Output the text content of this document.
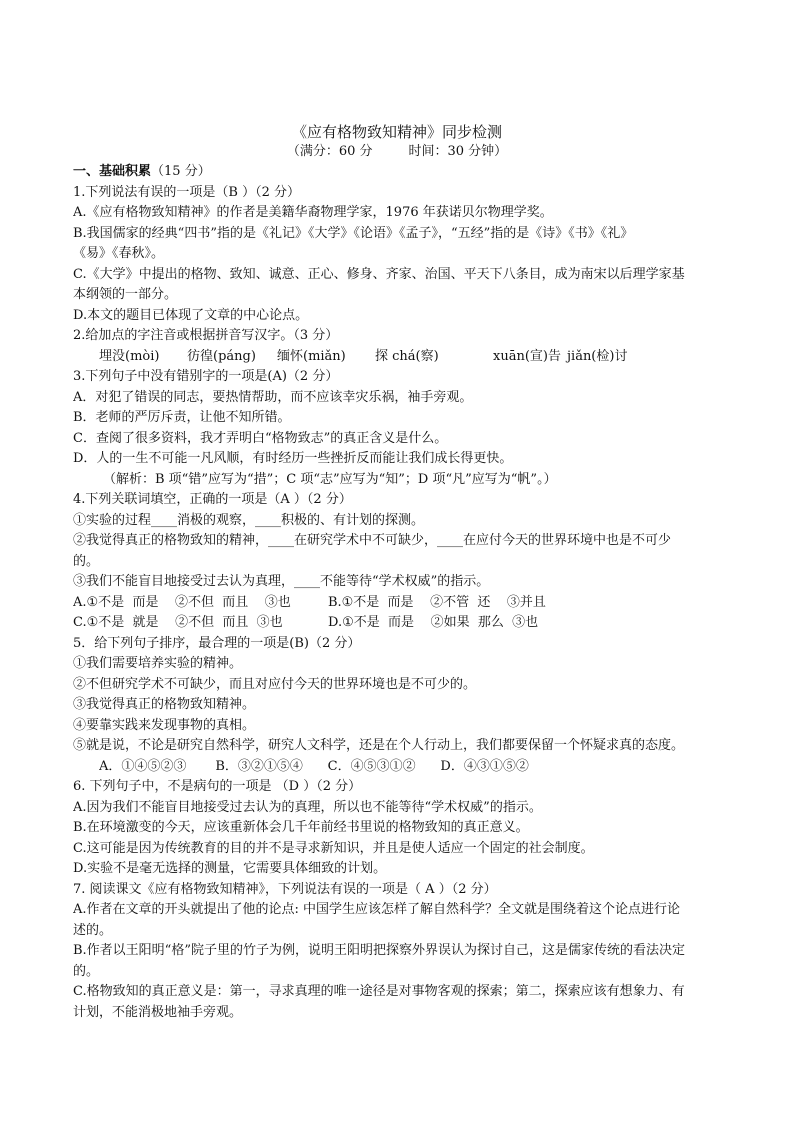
《应有格物致知精神》同步检测
（满分：60 分	时间：30 分钟）
一、基础积累（15 分）
1.下列说法有误的一项是（B ）（2 分）
A.《应有格物致知精神》的作者是美籍华裔物理学家，1976 年获诺贝尔物理学奖。
B.我国儒家的经典“四书”指的是《礼记》《大学》《论语》《孟子》，“五经”指的是《诗》《书》《礼》
《易》《春秋》。
C.《大学》中提出的格物、致知、诚意、正心、修身、齐家、治国、平天下八条目，成为南宋以后理学家基
本纲领的一部分。
D.本文的题目已体现了文章的中心论点。
2.给加点的字注音或根据拼音写汉字。（3 分）
埋没(mòi) 彷徨(páng) 缅怀(miǎn) 探 chá(察)	xuān(宣)告 jiǎn(检)讨
3.下列句子中没有错别字的一项是(A)（2 分）
A．对犯了错误的同志，要热情帮助，而不应该幸灾乐祸，袖手旁观。
B．老师的严厉斥责，让他不知所错。
C．查阅了很多资料，我才弄明白“格物致志”的真正含义是什么。
D．人的一生不可能一凡风顺，有时经历一些挫折反而能让我们成长得更快。
（解析：B 项“错”应写为“措”；C 项“志”应写为“知”；D 项“凡”应写为“帆”。）
4.下列关联词填空，正确的一项是（A ）（2 分）
①实验的过程____消极的观察，____积极的、有计划的探测。
②我觉得真正的格物致知的精神，____在研究学术中不可缺少，____在应付今天的世界环境中也是不可少
的。
③我们不能盲目地接受过去认为真理，____不能等待“学术权威”的指示。
A.①不是  而是    ②不但  而且    ③也         B.①不是  而是    ②不管  还    ③并且
C.①不是  就是    ②不但  而且  ③也           D.①不是  而是    ②如果  那么  ③也
5．给下列句子排序，最合理的一项是(B)（2 分）
①我们需要培养实验的精神。
②不但研究学术不可缺少，而且对应付今天的世界环境也是不可少的。
③我觉得真正的格物致知精神。
④要靠实践来发现事物的真相。
⑤就是说，不论是研究自然科学，研究人文科学，还是在个人行动上，我们都要保留一个怀疑求真的态度。
A．①④⑤②③       B．③②①⑤④      C．④⑤③①②      D．④③①⑤②
6. 下列句子中，不是病句的一项是 （D ）（2 分）
A.因为我们不能盲目地接受过去认为的真理，所以也不能等待“学术权威”的指示。
B.在环境激变的今天，应该重新体会几千年前经书里说的格物致知的真正意义。
C.这可能是因为传统教育的目的并不是寻求新知识，并且是使人适应一个固定的社会制度。
D.实验不是毫无选择的测量，它需要具体细致的计划。
7. 阅读课文《应有格物致知精神》，下列说法有误的一项是（ A ）（2 分）
A.作者在文章的开头就提出了他的论点: 中国学生应该怎样了解自然科学？全文就是围绕着这个论点进行论
述的。
B.作者以王阳明“格”院子里的竹子为例，说明王阳明把探察外界误认为探讨自己，这是儒家传统的看法决定
的。
C.格物致知的真正意义是：第一，寻求真理的唯一途径是对事物客观的探索；第二，探索应该有想象力、有
计划，不能消极地袖手旁观。
